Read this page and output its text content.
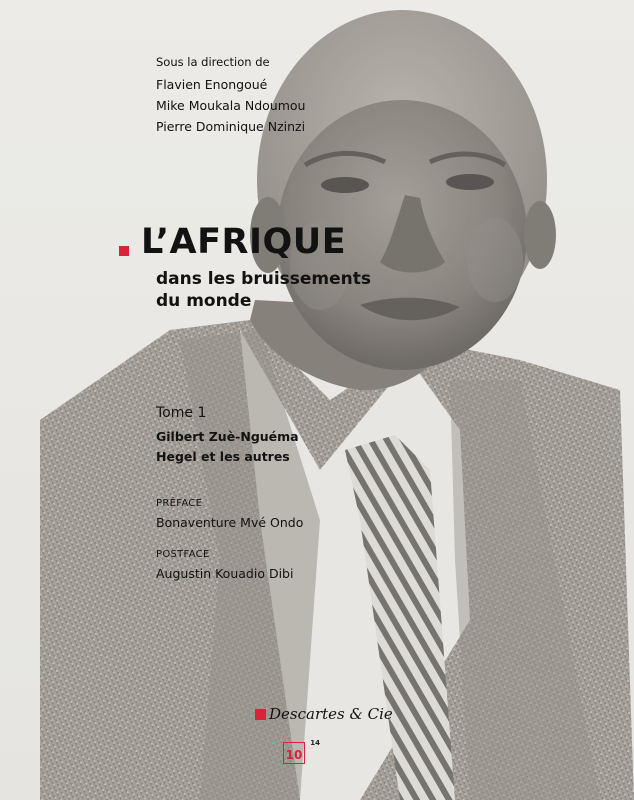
Sous la direction de
Flavien Enongoué
Mike Moukala Ndoumou
Pierre Dominique Nzinzi
L’AFRIQUE
dans les bruissements
du monde
Tome 1
Gilbert Zuè-Nguéma
Hegel et les autres
PRÉFACE
Bonaventure Mvé Ondo
POSTFACE
Augustin Kouadio Dibi
Descartes & Cie
10
14
